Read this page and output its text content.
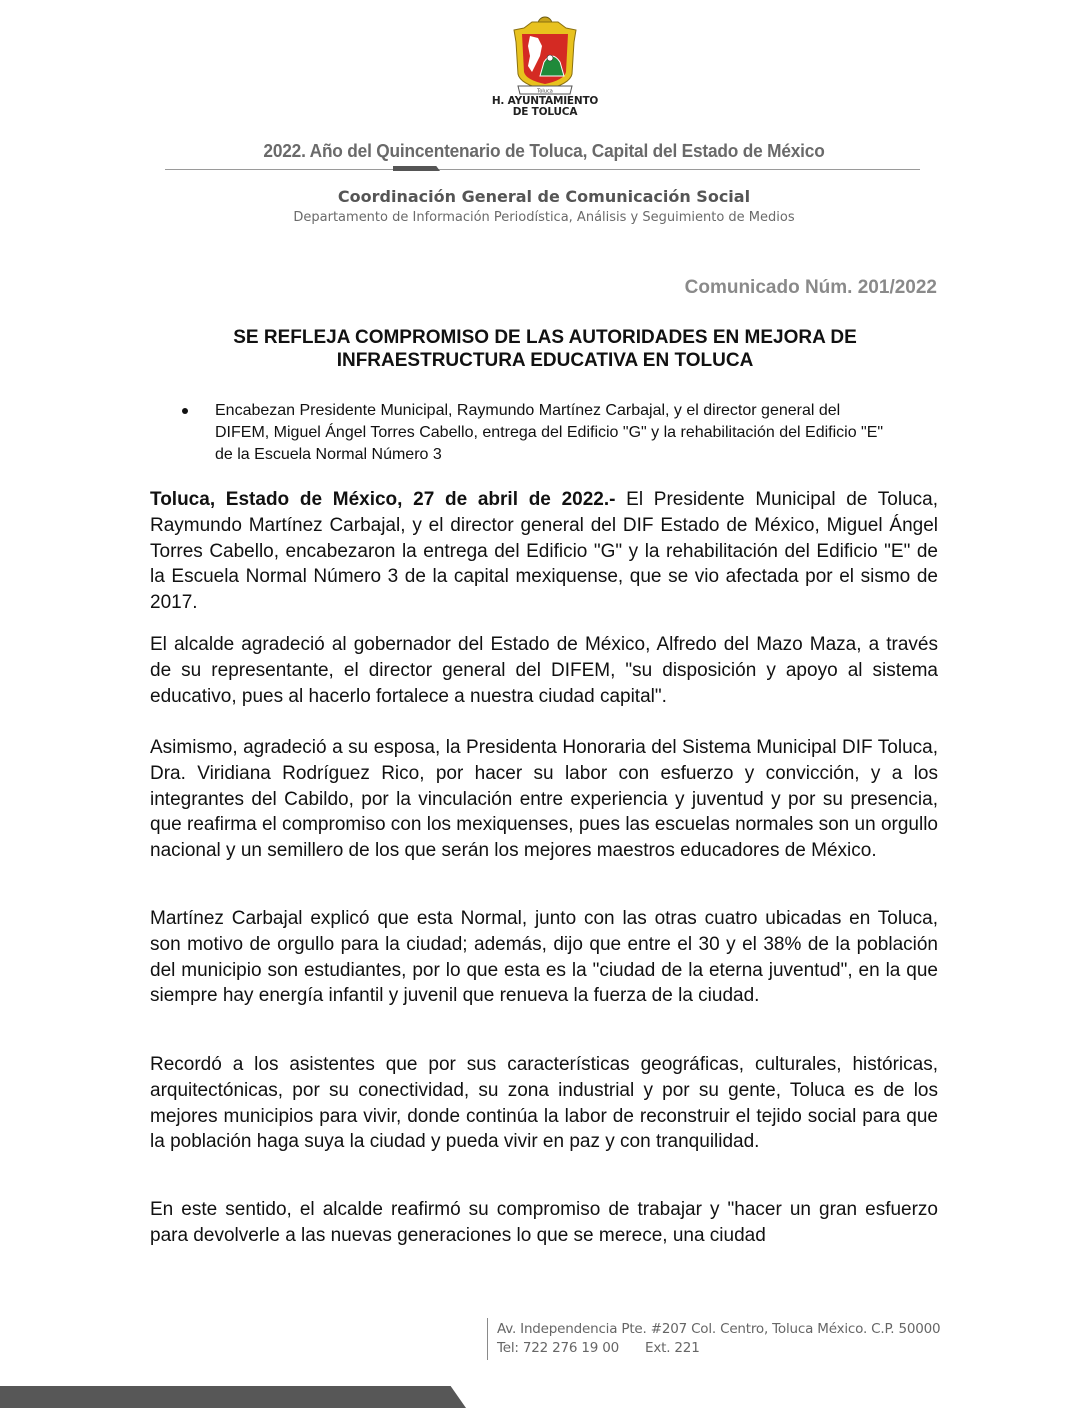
Toluca
H. AYUNTAMIENTO
DE TOLUCA
2022. Año del Quincentenario de Toluca, Capital del Estado de México
Coordinación General de Comunicación Social
Departamento de Información Periodística, Análisis y Seguimiento de Medios
Comunicado Núm. 201/2022
SE REFLEJA COMPROMISO DE LAS AUTORIDADES EN MEJORA DE INFRAESTRUCTURA EDUCATIVA EN TOLUCA
Encabezan Presidente Municipal, Raymundo Martínez Carbajal, y el director general del DIFEM, Miguel Ángel Torres Cabello, entrega del Edificio "G" y la rehabilitación del Edificio "E" de la Escuela Normal Número 3
Toluca, Estado de México, 27 de abril de 2022.- El Presidente Municipal de Toluca, Raymundo Martínez Carbajal, y el director general del DIF Estado de México, Miguel Ángel Torres Cabello, encabezaron la entrega del Edificio "G" y la rehabilitación del Edificio "E" de la Escuela Normal Número 3 de la capital mexiquense, que se vio afectada por el sismo de 2017.
El alcalde agradeció al gobernador del Estado de México, Alfredo del Mazo Maza, a través de su representante, el director general del DIFEM, "su disposición y apoyo al sistema educativo, pues al hacerlo fortalece a nuestra ciudad capital".
Asimismo, agradeció a su esposa, la Presidenta Honoraria del Sistema Municipal DIF Toluca, Dra. Viridiana Rodríguez Rico, por hacer su labor con esfuerzo y convicción, y a los integrantes del Cabildo, por la vinculación entre experiencia y juventud y por su presencia, que reafirma el compromiso con los mexiquenses, pues las escuelas normales son un orgullo nacional y un semillero de los que serán los mejores maestros educadores de México.
Martínez Carbajal explicó que esta Normal, junto con las otras cuatro ubicadas en Toluca, son motivo de orgullo para la ciudad; además, dijo que entre el 30 y el 38% de la población del municipio son estudiantes, por lo que esta es la "ciudad de la eterna juventud", en la que siempre hay energía infantil y juvenil que renueva la fuerza de la ciudad.
Recordó a los asistentes que por sus características geográficas, culturales, históricas, arquitectónicas, por su conectividad, su zona industrial y por su gente, Toluca es de los mejores municipios para vivir, donde continúa la labor de reconstruir el tejido social para que la población haga suya la ciudad y pueda vivir en paz y con tranquilidad.
En este sentido, el alcalde reafirmó su compromiso de trabajar y "hacer un gran esfuerzo para devolverle a las nuevas generaciones lo que se merece, una ciudad
Av. Independencia Pte. #207 Col. Centro, Toluca México. C.P. 50000
Tel: 722 276 19 00 Ext. 221
